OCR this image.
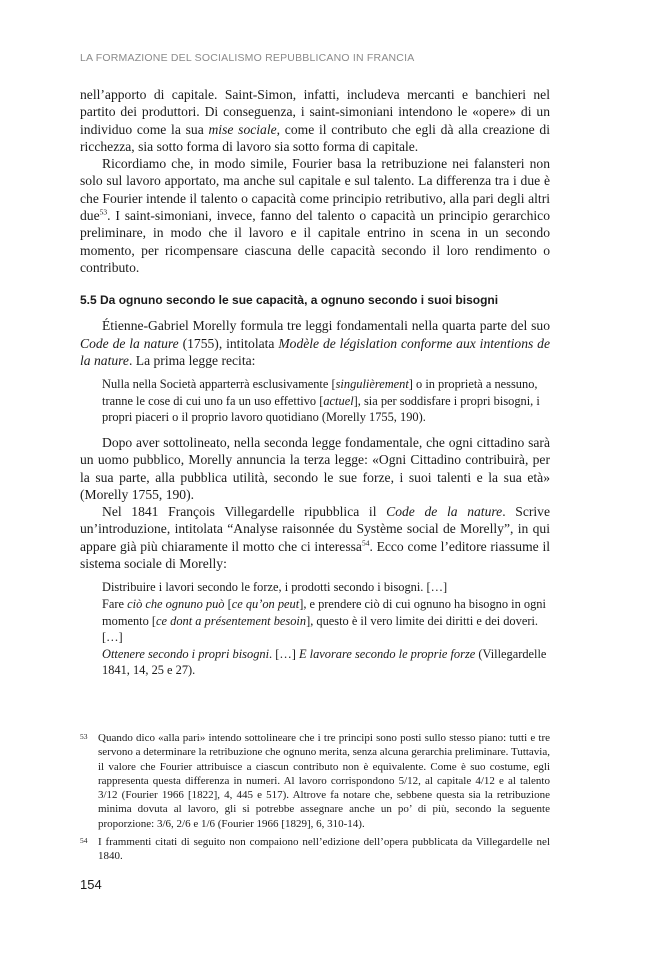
LA FORMAZIONE DEL SOCIALISMO REPUBBLICANO IN FRANCIA

nell’apporto di capitale. Saint-Simon, infatti, includeva mercanti e banchieri nel partito dei produttori. Di conseguenza, i saint-simoniani intendono le «opere» di un individuo come la sua mise sociale, come il contributo che egli dà alla creazione di ricchezza, sia sotto forma di lavoro sia sotto forma di capitale.

Ricordiamo che, in modo simile, Fourier basa la retribuzione nei falansteri non solo sul lavoro apportato, ma anche sul capitale e sul talento. La differenza tra i due è che Fourier intende il talento o capacità come principio retributivo, alla pari degli altri due$^{53}$. I saint-simoniani, invece, fanno del talento o capacità un principio gerarchico preliminare, in modo che il lavoro e il capitale entrino in scena in un secondo momento, per ricompensare ciascuna delle capacità secondo il loro rendimento o contributo.

5.5 Da ognuno secondo le sue capacità, a ognuno secondo i suoi bisogni

Étienne-Gabriel Morelly formula tre leggi fondamentali nella quarta parte del suo Code de la nature (1755), intitolata Modèle de législation conforme aux intentions de la nature. La prima legge recita:

Nulla nella Società apparterrà esclusivamente [singulièrement] o in proprietà a nessuno, tranne le cose di cui uno fa un uso effettivo [actuel], sia per soddisfare i propri bisogni, i propri piaceri o il proprio lavoro quotidiano (Morelly 1755, 190).

Dopo aver sottolineato, nella seconda legge fondamentale, che ogni cittadino sarà un uomo pubblico, Morelly annuncia la terza legge: «Ogni Cittadino contribuirà, per la sua parte, alla pubblica utilità, secondo le sue forze, i suoi talenti e la sua età» (Morelly 1755, 190).

Nel 1841 François Villegardelle ripubblica il Code de la nature. Scrive un’introduzione, intitolata “Analyse raisonnée du Système social de Morelly”, in qui appare già più chiaramente il motto che ci interessa$^{54}$. Ecco come l’editore riassume il sistema sociale di Morelly:

Distribuire i lavori secondo le forze, i prodotti secondo i bisogni. […]

Fare ciò che ognuno può [ce qu’on peut], e prendere ciò di cui ognuno ha bisogno in ogni momento [ce dont a présentement besoin], questo è il vero limite dei diritti e dei doveri. […]

Ottenere secondo i propri bisogni. […] E lavorare secondo le proprie forze (Villegardelle 1841, 14, 25 e 27).

53 Quando dico «alla pari» intendo sottolineare che i tre principi sono posti sullo stesso piano: tutti e tre servono a determinare la retribuzione che ognuno merita, senza alcuna gerarchia preliminare. Tuttavia, il valore che Fourier attribuisce a ciascun contributo non è equivalente. Come è suo costume, egli rappresenta questa differenza in numeri. Al lavoro corrispondono 5/12, al capitale 4/12 e al talento 3/12 (Fourier 1966 [1822], 4, 445 e 517). Altrove fa notare che, sebbene questa sia la retribuzione minima dovuta al lavoro, gli si potrebbe assegnare anche un po’ di più, secondo la seguente proporzione: 3/6, 2/6 e 1/6 (Fourier 1966 [1829], 6, 310-14).

54 I frammenti citati di seguito non compaiono nell’edizione dell’opera pubblicata da Villegardelle nel 1840.

154
